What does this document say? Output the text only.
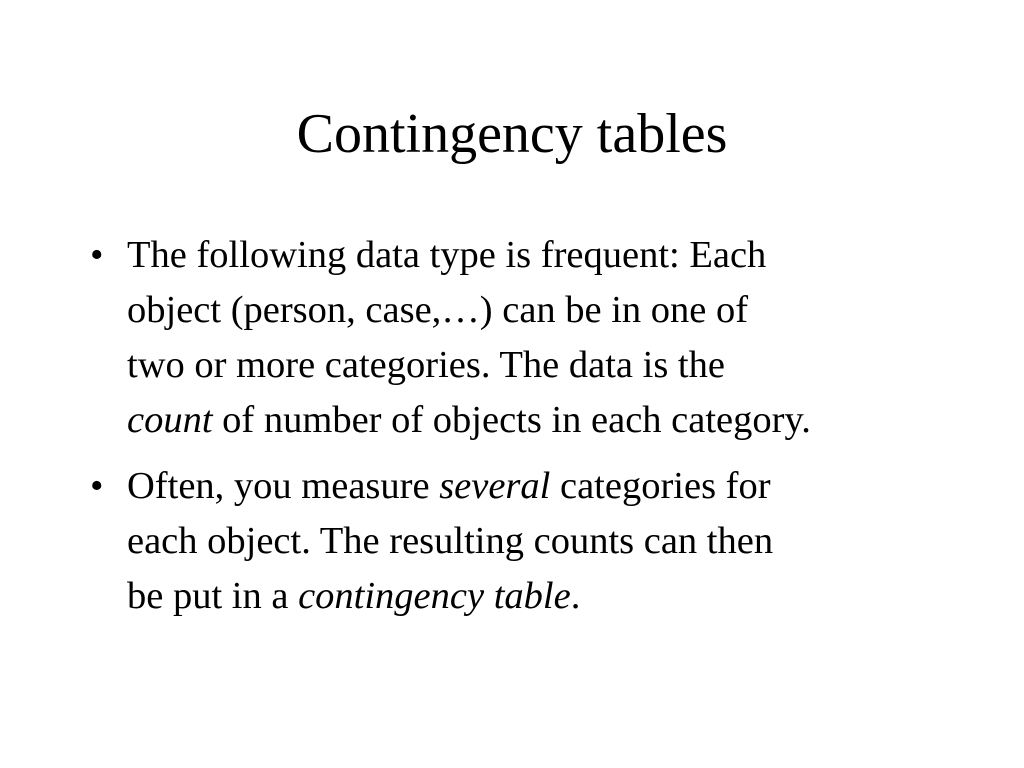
Contingency tables
• The following data type is frequent: Each
object (person, case,…) can be in one of
two or more categories. The data is the
count of number of objects in each category.
• Often, you measure several categories for
each object. The resulting counts can then
be put in a contingency table.
